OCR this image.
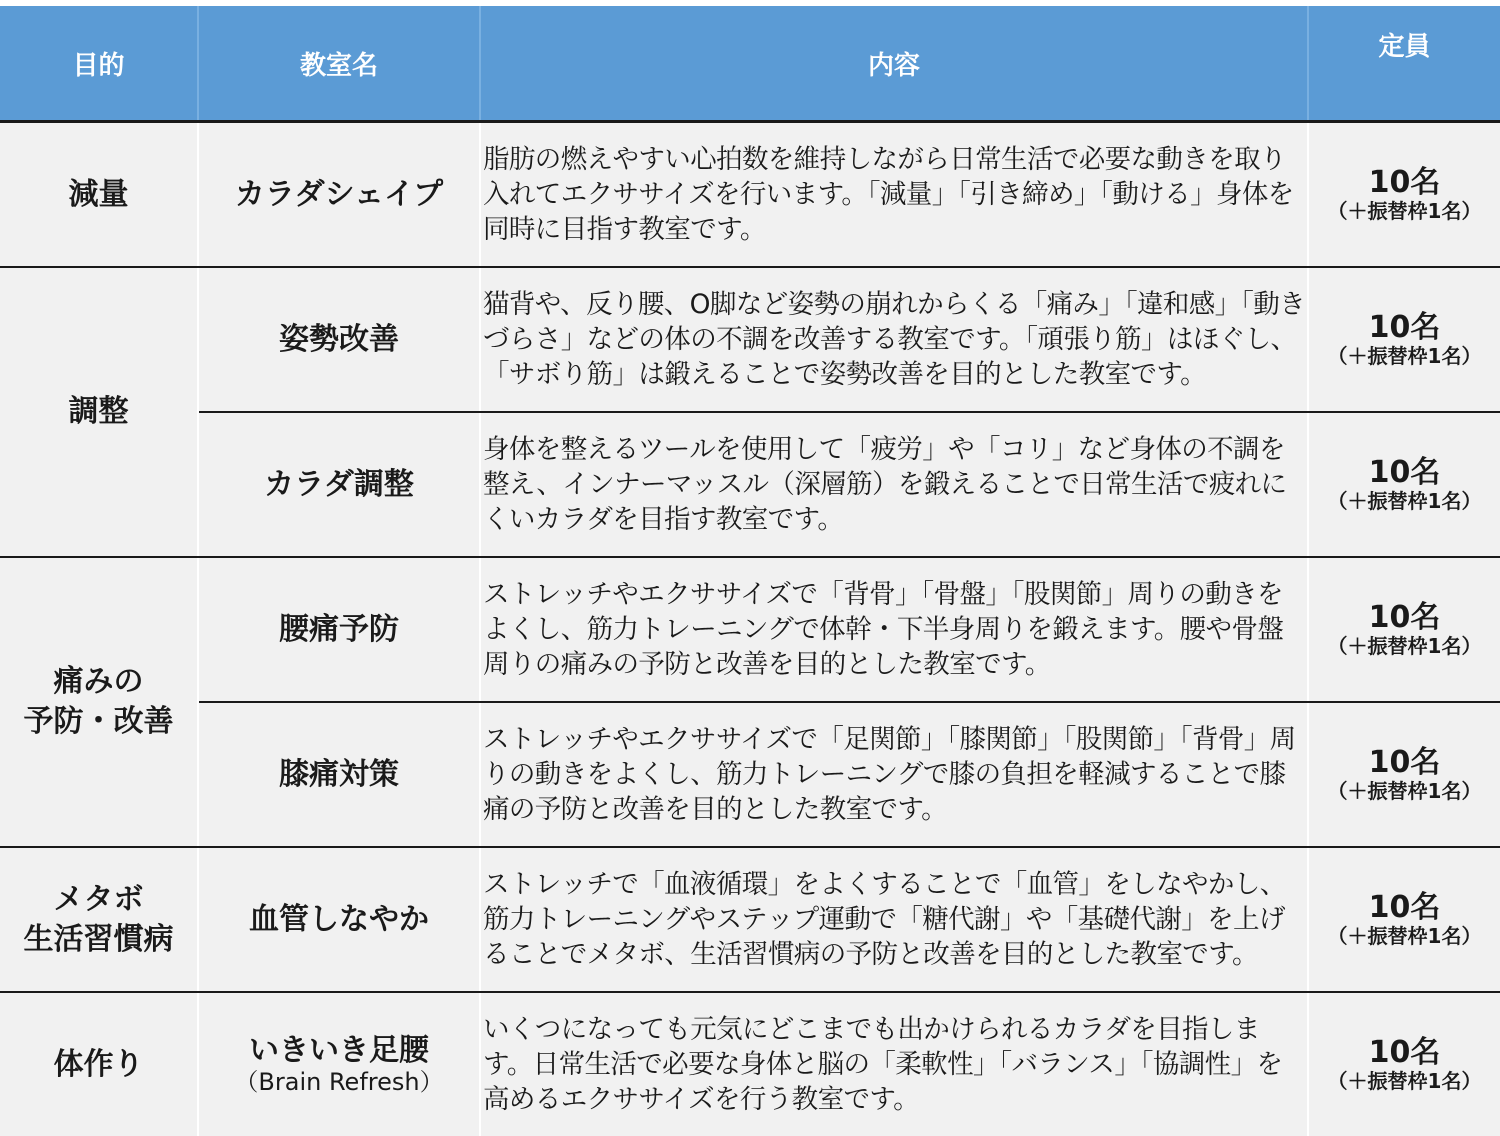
目的	教室名	内容	定員

減量	カラダシェイプ	脂肪の燃えやすい心拍数を維持しながら日常生活で必要な動きを取り入れてエクササイズを行います。「減量」「引き締め」「動ける」身体を同時に目指す教室です。	10名
（＋振替枠1名）

調整	姿勢改善	猫背や、反り腰、O脚など姿勢の崩れからくる「痛み」「違和感」「動きづらさ」などの体の不調を改善する教室です。「頑張り筋」はほぐし、「サボり筋」は鍛えることで姿勢改善を目的とした教室です。	10名
（＋振替枠1名）

	カラダ調整	身体を整えるツールを使用して「疲労」や「コリ」など身体の不調を整え、インナーマッスル（深層筋）を鍛えることで日常生活で疲れにくいカラダを目指す教室です。	10名
（＋振替枠1名）

痛みの
予防・改善	腰痛予防	ストレッチやエクササイズで「背骨」「骨盤」「股関節」周りの動きをよくし、筋力トレーニングで体幹・下半身周りを鍛えます。腰や骨盤周りの痛みの予防と改善を目的とした教室です。	10名
（＋振替枠1名）

	膝痛対策	ストレッチやエクササイズで「足関節」「膝関節」「股関節」「背骨」周りの動きをよくし、筋力トレーニングで膝の負担を軽減することで膝痛の予防と改善を目的とした教室です。	10名
（＋振替枠1名）

メタボ
生活習慣病	血管しなやか	ストレッチで「血液循環」をよくすることで「血管」をしなやかし、筋力トレーニングやステップ運動で「糖代謝」や「基礎代謝」を上げることでメタボ、生活習慣病の予防と改善を目的とした教室です。	10名
（＋振替枠1名）

体作り	いきいき足腰
（Brain Refresh）	いくつになっても元気にどこまでも出かけられるカラダを目指します。日常生活で必要な身体と脳の「柔軟性」「バランス」「協調性」を高めるエクササイズを行う教室です。	10名
（＋振替枠1名）
